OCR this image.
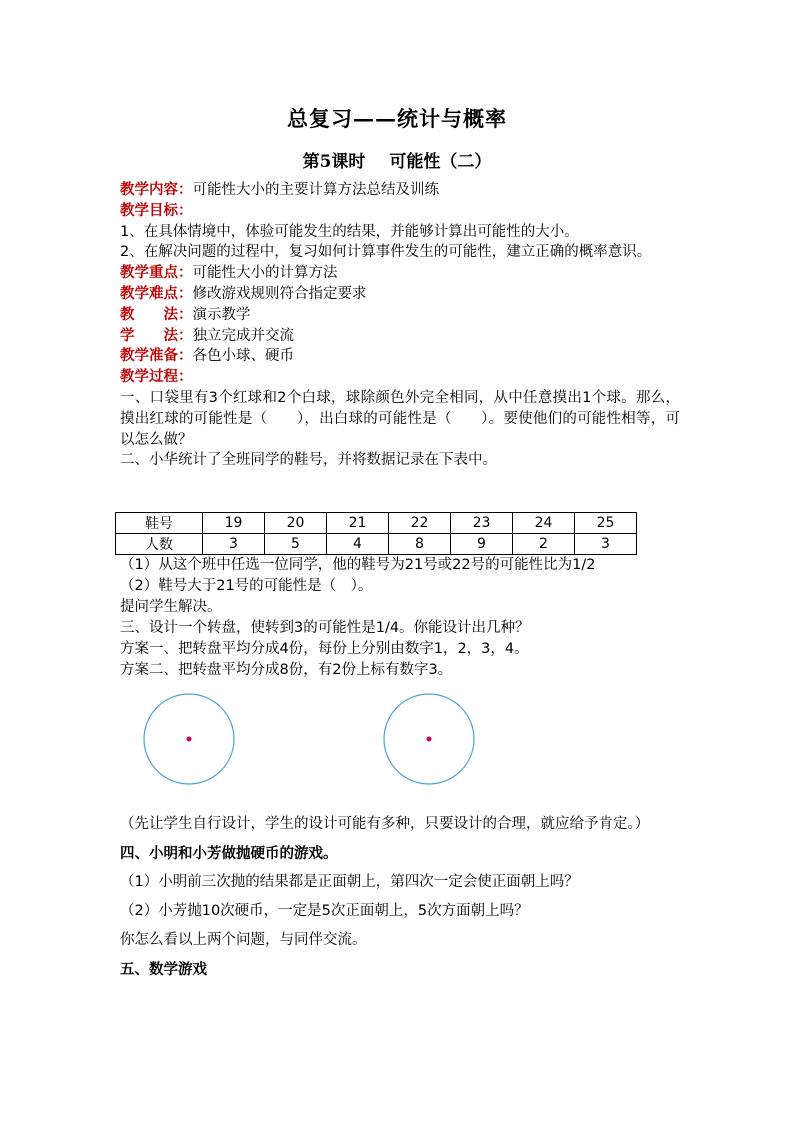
总复习——统计与概率
第5课时 可能性（二）

教学内容：可能性大小的主要计算方法总结及训练

教学目标：

1、在具体情境中，体验可能发生的结果，并能够计算出可能性的大小。

2、在解决问题的过程中，复习如何计算事件发生的可能性，建立正确的概率意识。

教学重点：可能性大小的计算方法

教学难点：修改游戏规则符合指定要求

教　　法：演示教学

学　　法：独立完成并交流

教学准备：各色小球、硬币

教学过程：

一、口袋里有3个红球和2个白球，球除颜色外完全相同，从中任意摸出1个球。那么，摸出红球的可能性是（　　），出白球的可能性是（　　）。要使他们的可能性相等，可以怎么做？

二、小华统计了全班同学的鞋号，并将数据记录在下表中。

鞋号	19	20	21	22	23	24	25
人数	3	5	4	8	9	2	3

（1）从这个班中任选一位同学，他的鞋号为21号或22号的可能性比为1/2

（2）鞋号大于21号的可能性是（　）。

提问学生解决。

三、设计一个转盘，使转到3的可能性是1/4。你能设计出几种？

方案一、把转盘平均分成4份，每份上分别由数字1，2，3，4。

方案二、把转盘平均分成8份，有2份上标有数字3。

（先让学生自行设计，学生的设计可能有多种，只要设计的合理，就应给予肯定。）

四、小明和小芳做抛硬币的游戏。

（1）小明前三次抛的结果都是正面朝上，第四次一定会使正面朝上吗？

（2）小芳抛10次硬币，一定是5次正面朝上，5次方面朝上吗？

你怎么看以上两个问题，与同伴交流。

五、数学游戏
